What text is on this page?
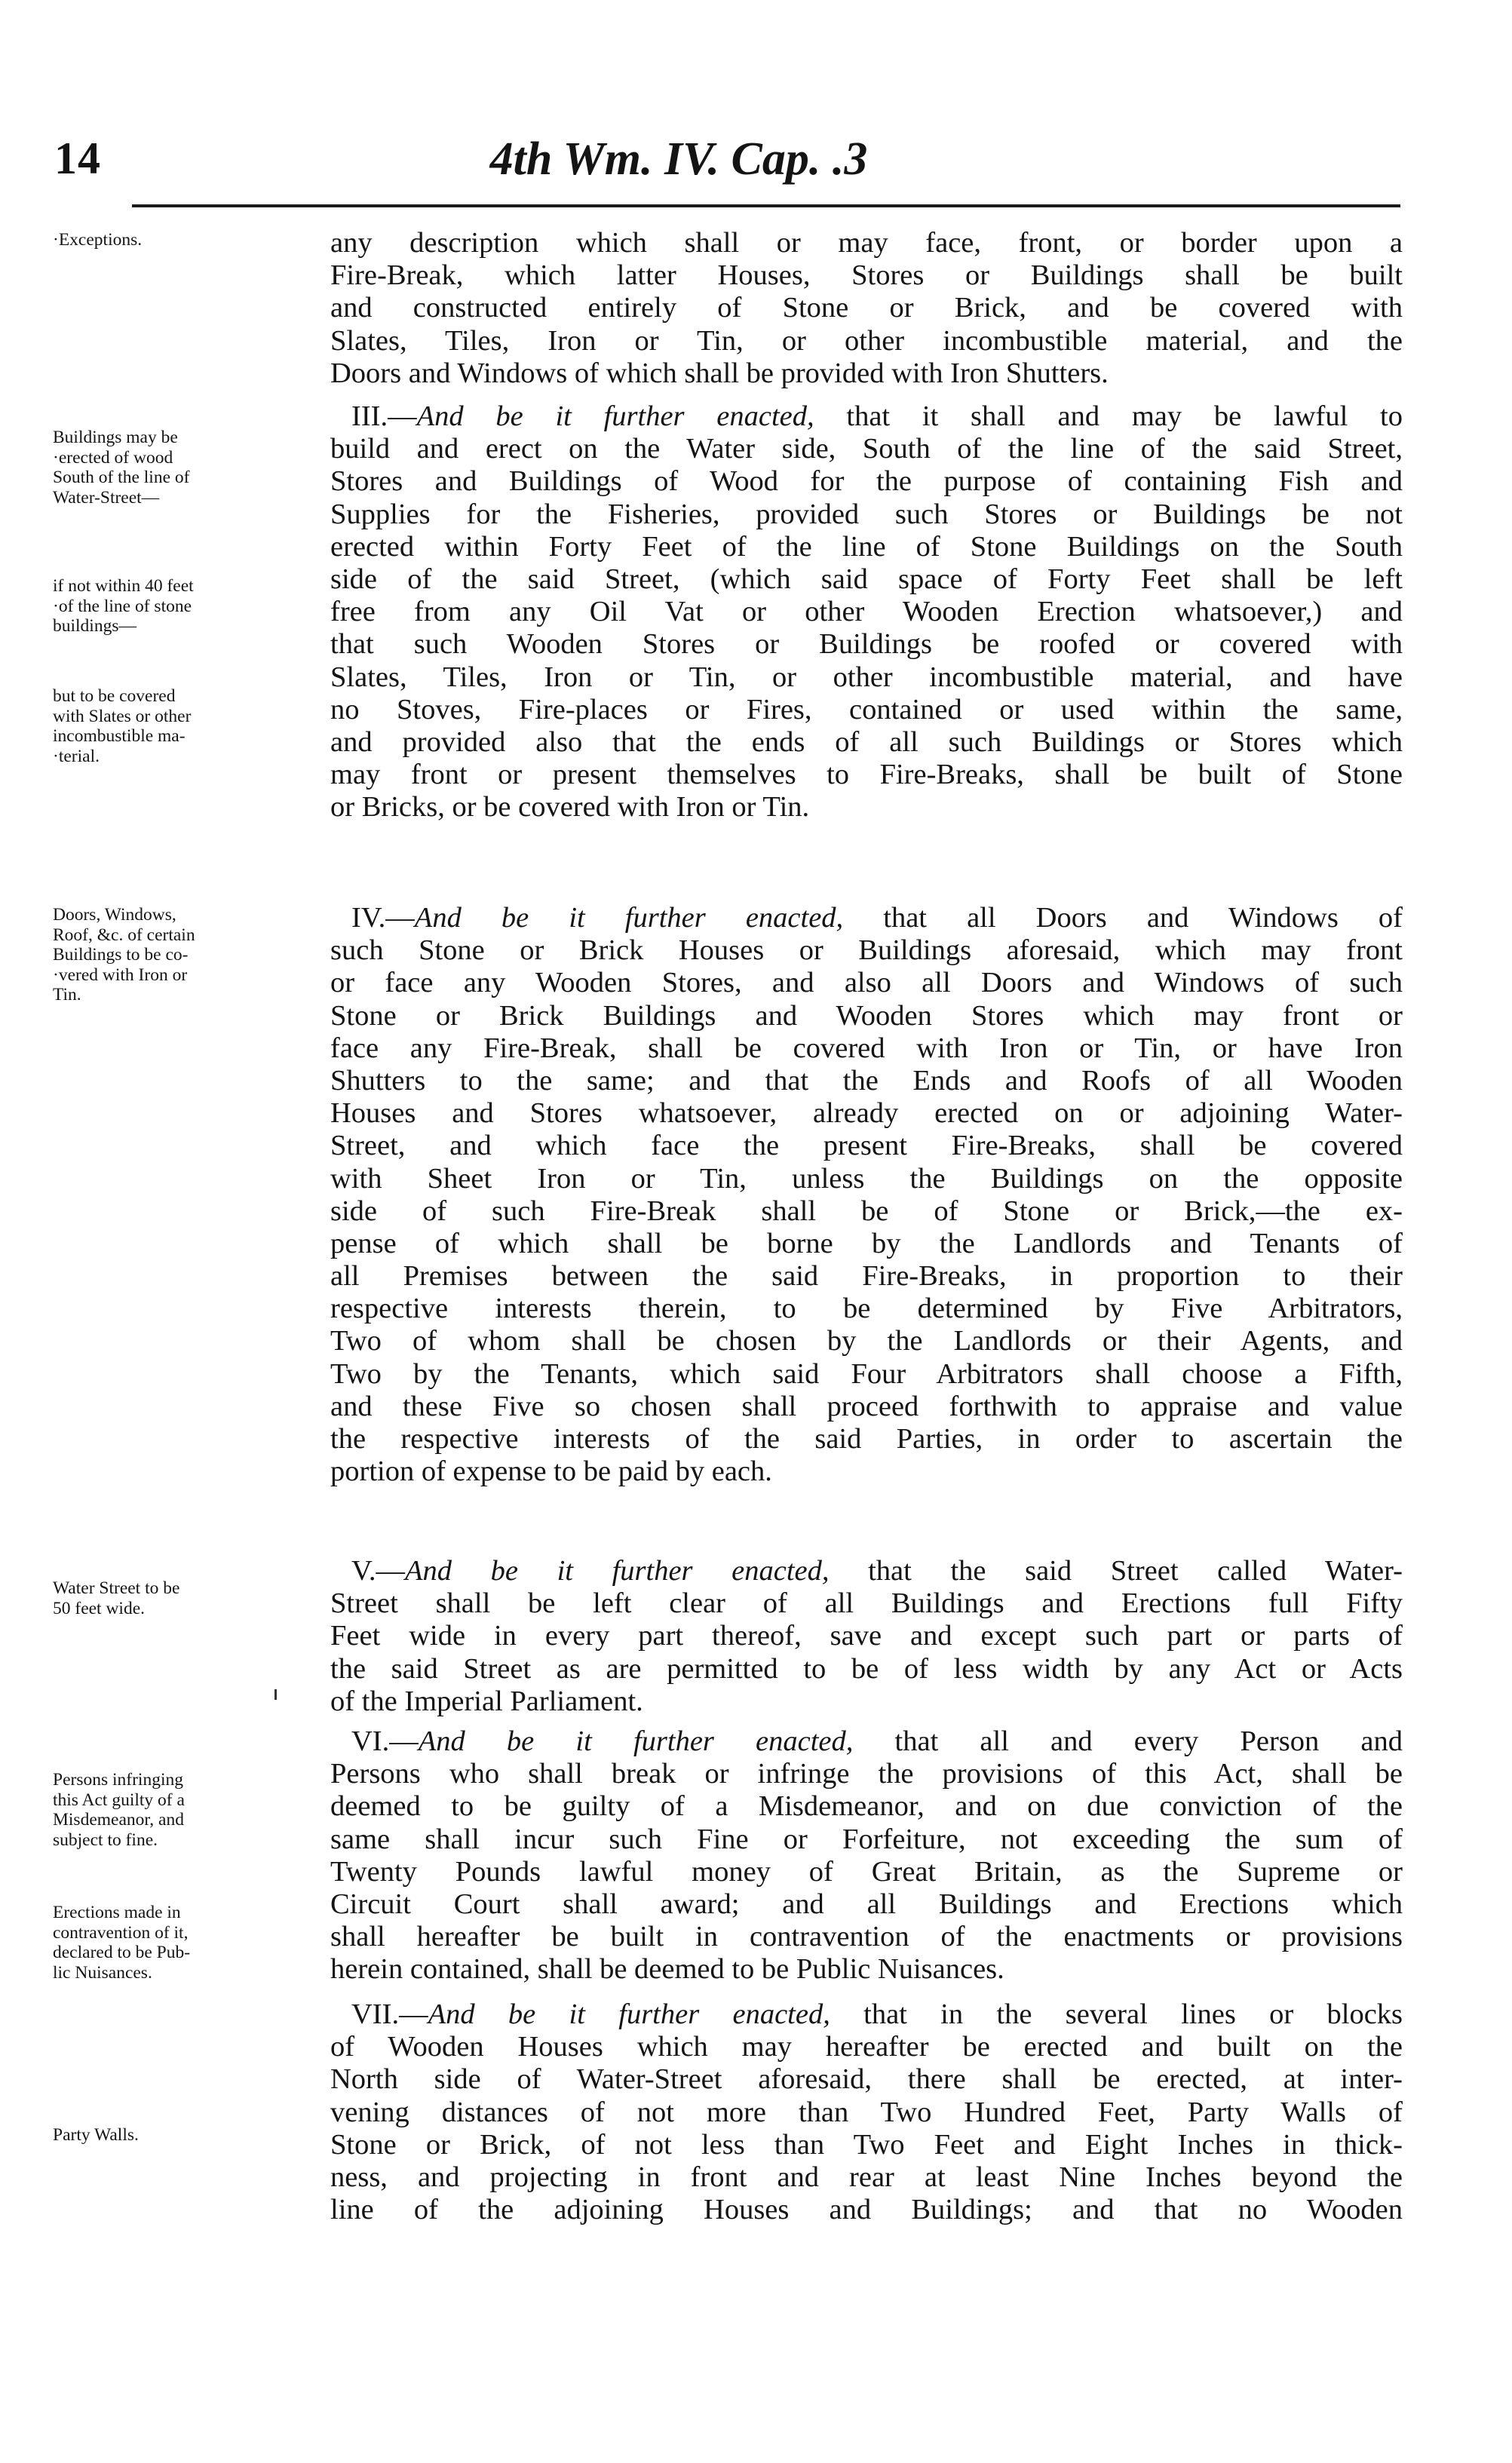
14	4th Wm. IV. Cap. .3
any description which shall or may face, front, or border upon a
Fire-Break, which latter Houses, Stores or Buildings shall be built
and constructed entirely of Stone or Brick, and be covered with
Slates, Tiles, Iron or Tin, or other incombustible material, and the
Doors and Windows of which shall be provided with Iron Shutters.
III.—And be it further enacted, that it shall and may be lawful to
build and erect on the Water side, South of the line of the said Street,
Stores and Buildings of Wood for the purpose of containing Fish and
Supplies for the Fisheries, provided such Stores or Buildings be not
erected within Forty Feet of the line of Stone Buildings on the South
side of the said Street, (which said space of Forty Feet shall be left
free from any Oil Vat or other Wooden Erection whatsoever,) and
that such Wooden Stores or Buildings be roofed or covered with
Slates, Tiles, Iron or Tin, or other incombustible material, and have
no Stoves, Fire-places or Fires, contained or used within the same,
and provided also that the ends of all such Buildings or Stores which
may front or present themselves to Fire-Breaks, shall be built of Stone
or Bricks, or be covered with Iron or Tin.
IV.—And be it further enacted, that all Doors and Windows of
such Stone or Brick Houses or Buildings aforesaid, which may front
or face any Wooden Stores, and also all Doors and Windows of such
Stone or Brick Buildings and Wooden Stores which may front or
face any Fire-Break, shall be covered with Iron or Tin, or have Iron
Shutters to the same; and that the Ends and Roofs of all Wooden
Houses and Stores whatsoever, already erected on or adjoining Water-
Street, and which face the present Fire-Breaks, shall be covered
with Sheet Iron or Tin, unless the Buildings on the opposite
side of such Fire-Break shall be of Stone or Brick,—the ex-
pense of which shall be borne by the Landlords and Tenants of
all Premises between the said Fire-Breaks, in proportion to their
respective interests therein, to be determined by Five Arbitrators,
Two of whom shall be chosen by the Landlords or their Agents, and
Two by the Tenants, which said Four Arbitrators shall choose a Fifth,
and these Five so chosen shall proceed forthwith to appraise and value
the respective interests of the said Parties, in order to ascertain the
portion of expense to be paid by each.
V.—And be it further enacted, that the said Street called Water-
Street shall be left clear of all Buildings and Erections full Fifty
Feet wide in every part thereof, save and except such part or parts of
the said Street as are permitted to be of less width by any Act or Acts
of the Imperial Parliament.
VI.—And be it further enacted, that all and every Person and
Persons who shall break or infringe the provisions of this Act, shall be
deemed to be guilty of a Misdemeanor, and on due conviction of the
same shall incur such Fine or Forfeiture, not exceeding the sum of
Twenty Pounds lawful money of Great Britain, as the Supreme or
Circuit Court shall award; and all Buildings and Erections which
shall hereafter be built in contravention of the enactments or provisions
herein contained, shall be deemed to be Public Nuisances.
VII.—And be it further enacted, that in the several lines or blocks
of Wooden Houses which may hereafter be erected and built on the
North side of Water-Street aforesaid, there shall be erected, at inter-
vening distances of not more than Two Hundred Feet, Party Walls of
Stone or Brick, of not less than Two Feet and Eight Inches in thick-
ness, and projecting in front and rear at least Nine Inches beyond the
line of the adjoining Houses and Buildings; and that no Wooden
·Exceptions.
Buildings may be
·erected of wood
South of the line of
Water-Street—
if not within 40 feet
·of the line of stone
buildings—
but to be covered
with Slates or other
incombustible ma-
·terial.
Doors, Windows,
Roof, &c. of certain
Buildings to be co-
·vered with Iron or
Tin.
Water Street to be
50 feet wide.
Persons infringing
this Act guilty of a
Misdemeanor, and
subject to fine.
Erections made in
contravention of it,
declared to be Pub-
lic Nuisances.
Party Walls.
